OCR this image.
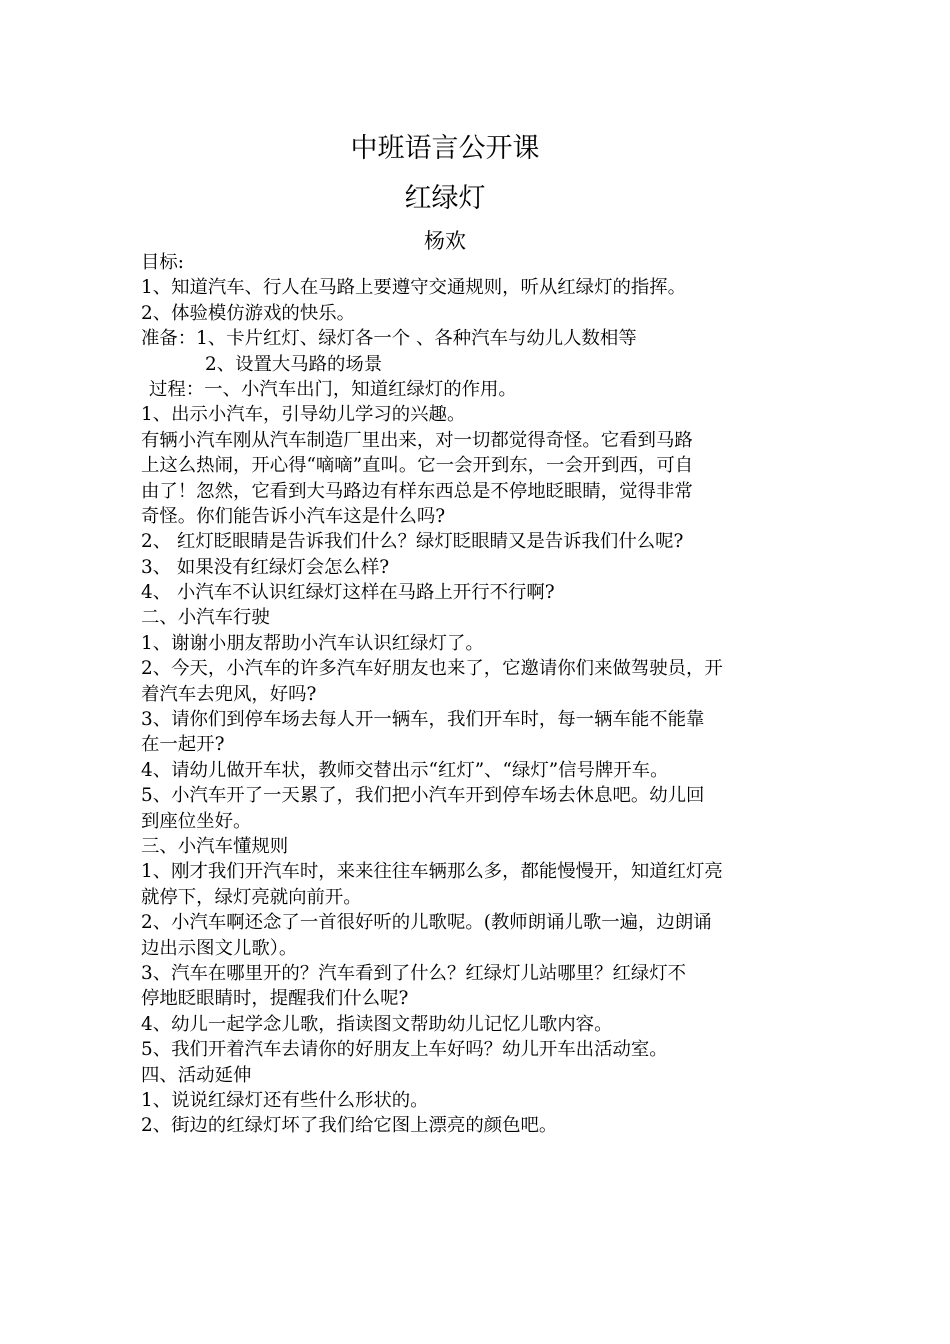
中班语言公开课
红绿灯
杨欢
目标:
1、知道汽车、行人在马路上要遵守交通规则，听从红绿灯的指挥。
2、体验模仿游戏的快乐。
准备：1、卡片红灯、绿灯各一个 、各种汽车与幼儿人数相等
2、设置大马路的场景
过程：一、小汽车出门，知道红绿灯的作用。
1、出示小汽车，引导幼儿学习的兴趣。
有辆小汽车刚从汽车制造厂里出来，对一切都觉得奇怪。它看到马路
上这么热闹，开心得“嘀嘀”直叫。它一会开到东，一会开到西，可自
由了！忽然，它看到大马路边有样东西总是不停地眨眼睛，觉得非常
奇怪。你们能告诉小汽车这是什么吗?
2、 红灯眨眼睛是告诉我们什么？绿灯眨眼睛又是告诉我们什么呢?
3、 如果没有红绿灯会怎么样?
4、 小汽车不认识红绿灯这样在马路上开行不行啊?
二、小汽车行驶
1、谢谢小朋友帮助小汽车认识红绿灯了。
2、今天，小汽车的许多汽车好朋友也来了，它邀请你们来做驾驶员，开
着汽车去兜风，好吗?
3、请你们到停车场去每人开一辆车，我们开车时，每一辆车能不能靠
在一起开?
4、请幼儿做开车状，教师交替出示“红灯”、“绿灯”信号牌开车。
5、小汽车开了一天累了，我们把小汽车开到停车场去休息吧。幼儿回
到座位坐好。
三、小汽车懂规则
1、刚才我们开汽车时，来来往往车辆那么多，都能慢慢开，知道红灯亮
就停下，绿灯亮就向前开。
2、小汽车啊还念了一首很好听的儿歌呢。(教师朗诵儿歌一遍，边朗诵
边出示图文儿歌）。
3、汽车在哪里开的？汽车看到了什么？红绿灯儿站哪里？红绿灯不
停地眨眼睛时，提醒我们什么呢?
4、幼儿一起学念儿歌，指读图文帮助幼儿记忆儿歌内容。
5、我们开着汽车去请你的好朋友上车好吗？幼儿开车出活动室。
四、活动延伸
1、说说红绿灯还有些什么形状的。
2、街边的红绿灯坏了我们给它图上漂亮的颜色吧。
